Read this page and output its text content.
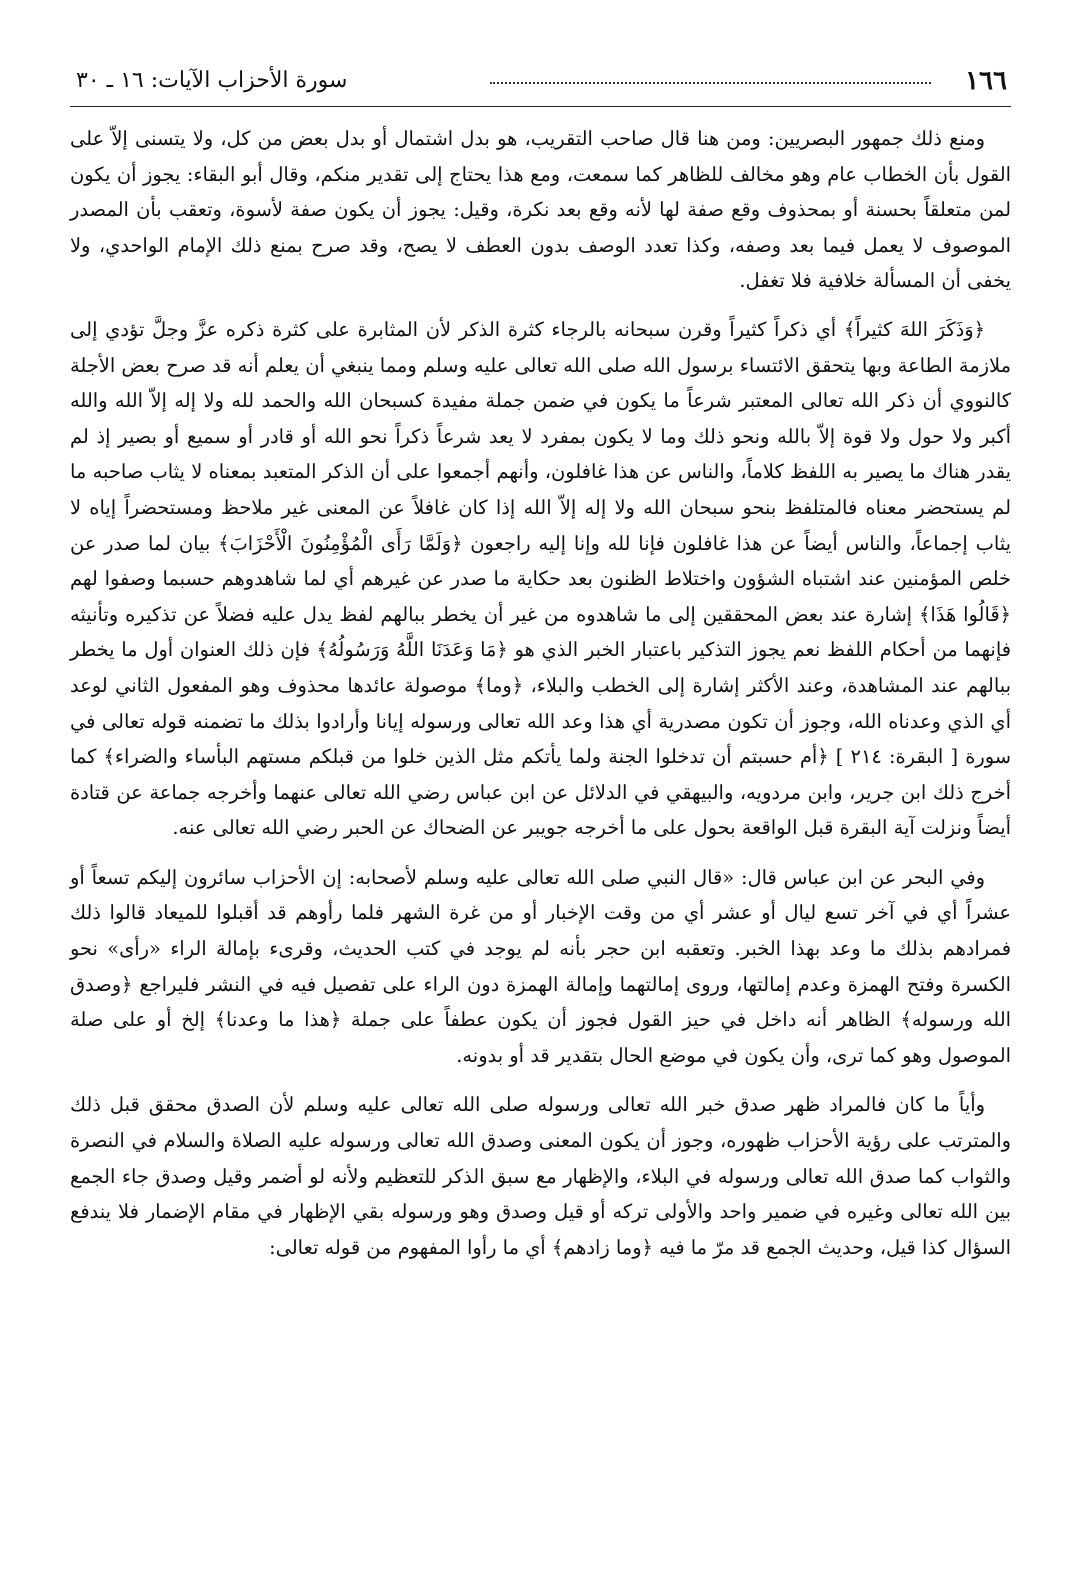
١٦٦
سورة الأحزاب الآيات: ١٦ ـ ٣٠

ومنع ذلك جمهور البصريين: ومن هنا قال صاحب التقريب، هو بدل اشتمال أو بدل بعض من كل، ولا يتسنى إلاّ على القول بأن الخطاب عام وهو مخالف للظاهر كما سمعت، ومع هذا يحتاج إلى تقدير منكم، وقال أبو البقاء: يجوز أن يكون لمن متعلقاً بحسنة أو بمحذوف وقع صفة لها لأنه وقع بعد نكرة، وقيل: يجوز أن يكون صفة لأسوة، وتعقب بأن المصدر الموصوف لا يعمل فيما بعد وصفه، وكذا تعدد الوصف بدون العطف لا يصح، وقد صرح بمنع ذلك الإمام الواحدي، ولا يخفى أن المسألة خلافية فلا تغفل.

﴿وَذَكَرَ اللهَ كثيراً﴾ أي ذكراً كثيراً وقرن سبحانه بالرجاء كثرة الذكر لأن المثابرة على كثرة ذكره عزَّ وجلَّ تؤدي إلى ملازمة الطاعة وبها يتحقق الائتساء برسول الله صلى الله تعالى عليه وسلم ومما ينبغي أن يعلم أنه قد صرح بعض الأجلة كالنووي أن ذكر الله تعالى المعتبر شرعاً ما يكون في ضمن جملة مفيدة كسبحان الله والحمد لله ولا إله إلاّ الله والله أكبر ولا حول ولا قوة إلاّ بالله ونحو ذلك وما لا يكون بمفرد لا يعد شرعاً ذكراً نحو الله أو قادر أو سميع أو بصير إذ لم يقدر هناك ما يصير به اللفظ كلاماً، والناس عن هذا غافلون، وأنهم أجمعوا على أن الذكر المتعبد بمعناه لا يثاب صاحبه ما لم يستحضر معناه فالمتلفظ بنحو سبحان الله ولا إله إلاّ الله إذا كان غافلاً عن المعنى غير ملاحظ ومستحضراً إياه لا يثاب إجماعاً، والناس أيضاً عن هذا غافلون فإنا لله وإنا إليه راجعون ﴿وَلَمَّا رَأَى الْمُؤْمِنُونَ الْأَحْزَابَ﴾ بيان لما صدر عن خلص المؤمنين عند اشتباه الشؤون واختلاط الظنون بعد حكاية ما صدر عن غيرهم أي لما شاهدوهم حسبما وصفوا لهم ﴿قَالُوا هَذَا﴾ إشارة عند بعض المحققين إلى ما شاهدوه من غير أن يخطر ببالهم لفظ يدل عليه فضلاً عن تذكيره وتأنيثه فإنهما من أحكام اللفظ نعم يجوز التذكير باعتبار الخبر الذي هو ﴿مَا وَعَدَنَا اللَّهُ وَرَسُولُهُ﴾ فإن ذلك العنوان أول ما يخطر ببالهم عند المشاهدة، وعند الأكثر إشارة إلى الخطب والبلاء، ﴿وما﴾ موصولة عائدها محذوف وهو المفعول الثاني لوعد أي الذي وعدناه الله، وجوز أن تكون مصدرية أي هذا وعد الله تعالى ورسوله إيانا وأرادوا بذلك ما تضمنه قوله تعالى في سورة [ البقرة: ٢١٤ ] ﴿أم حسبتم أن تدخلوا الجنة ولما يأتكم مثل الذين خلوا من قبلكم مستهم البأساء والضراء﴾ كما أخرج ذلك ابن جرير، وابن مردويه، والبيهقي في الدلائل عن ابن عباس رضي الله تعالى عنهما وأخرجه جماعة عن قتادة أيضاً ونزلت آية البقرة قبل الواقعة بحول على ما أخرجه جويبر عن الضحاك عن الحبر رضي الله تعالى عنه.

وفي البحر عن ابن عباس قال: «قال النبي صلى الله تعالى عليه وسلم لأصحابه: إن الأحزاب سائرون إليكم تسعاً أو عشراً أي في آخر تسع ليال أو عشر أي من وقت الإخبار أو من غرة الشهر فلما رأوهم قد أقبلوا للميعاد قالوا ذلك فمرادهم بذلك ما وعد بهذا الخبر. وتعقبه ابن حجر بأنه لم يوجد في كتب الحديث، وقرىء بإمالة الراء «رأى» نحو الكسرة وفتح الهمزة وعدم إمالتها، وروى إمالتهما وإمالة الهمزة دون الراء على تفصيل فيه في النشر فليراجع ﴿وصدق الله ورسوله﴾ الظاهر أنه داخل في حيز القول فجوز أن يكون عطفاً على جملة ﴿هذا ما وعدنا﴾ إلخ أو على صلة الموصول وهو كما ترى، وأن يكون في موضع الحال بتقدير قد أو بدونه.

وأياً ما كان فالمراد ظهر صدق خبر الله تعالى ورسوله صلى الله تعالى عليه وسلم لأن الصدق محقق قبل ذلك والمترتب على رؤية الأحزاب ظهوره، وجوز أن يكون المعنى وصدق الله تعالى ورسوله عليه الصلاة والسلام في النصرة والثواب كما صدق الله تعالى ورسوله في البلاء، والإظهار مع سبق الذكر للتعظيم ولأنه لو أضمر وقيل وصدق جاء الجمع بين الله تعالى وغيره في ضمير واحد والأولى تركه أو قيل وصدق وهو ورسوله بقي الإظهار في مقام الإضمار فلا يندفع السؤال كذا قيل، وحديث الجمع قد مرّ ما فيه ﴿وما زادهم﴾ أي ما رأوا المفهوم من قوله تعالى:
